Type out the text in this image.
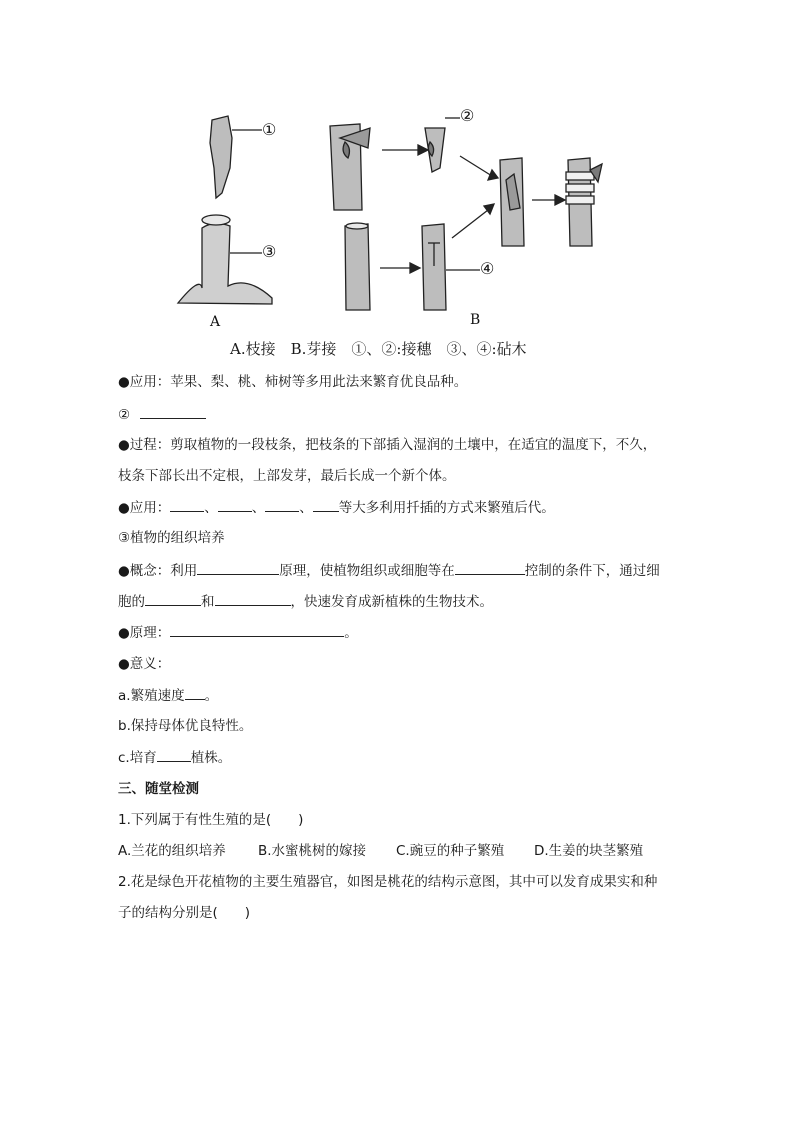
①
②
③
④
A	B
A.枝接　B.芽接　①、②:接穗　③、④:砧木
●应用：苹果、梨、桃、柿树等多用此法来繁育优良品种。
②
●过程：剪取植物的一段枝条，把枝条的下部插入湿润的土壤中，在适宜的温度下，不久，
枝条下部长出不定根，上部发芽，最后长成一个新个体。
●应用：	、	、	、 等大多利用扦插的方式来繁殖后代。
③植物的组织培养
●概念：利用	原理，使植物组织或细胞等在	控制的条件下，通过细
胞的	和	，快速发育成新植株的生物技术。
●原理：	。
●意义：
a.繁殖速度 。
b.保持母体优良特性。
c.培育	植株。
三、随堂检测
1.下列属于有性生殖的是(　　)
A.兰花的组织培养 B.水蜜桃树的嫁接 C.豌豆的种子繁殖 D.生姜的块茎繁殖
2.花是绿色开花植物的主要生殖器官，如图是桃花的结构示意图，其中可以发育成果实和种
子的结构分别是(　　)
